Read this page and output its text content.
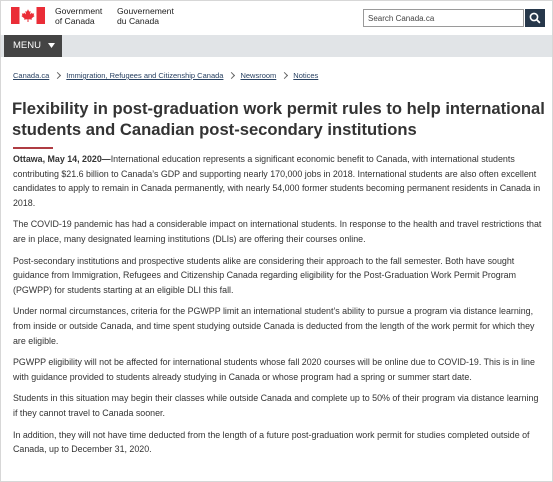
Government
of Canada
Gouvernement
du Canada
Search Canada.ca
MENU
Canada.ca Immigration, Refugees and Citizenship Canada Newsroom Notices
Flexibility in post-graduation work permit rules to help international students and Canadian post-secondary institutions

Ottawa, May 14, 2020—International education represents a significant economic benefit to Canada, with international students contributing $21.6 billion to Canada’s GDP and supporting nearly 170,000 jobs in 2018. International students are also often excellent candidates to apply to remain in Canada permanently, with nearly 54,000 former students becoming permanent residents in Canada in 2018.

The COVID-19 pandemic has had a considerable impact on international students. In response to the health and travel restrictions that are in place, many designated learning institutions (DLIs) are offering their courses online.

Post-secondary institutions and prospective students alike are considering their approach to the fall semester. Both have sought guidance from Immigration, Refugees and Citizenship Canada regarding eligibility for the Post-Graduation Work Permit Program (PGWPP) for students starting at an eligible DLI this fall.

Under normal circumstances, criteria for the PGWPP limit an international student’s ability to pursue a program via distance learning, from inside or outside Canada, and time spent studying outside Canada is deducted from the length of the work permit for which they are eligible.

PGWPP eligibility will not be affected for international students whose fall 2020 courses will be online due to COVID-19. This is in line with guidance provided to students already studying in Canada or whose program had a spring or summer start date.

Students in this situation may begin their classes while outside Canada and complete up to 50% of their program via distance learning if they cannot travel to Canada sooner.

In addition, they will not have time deducted from the length of a future post-graduation work permit for studies completed outside of Canada, up to December 31, 2020.
